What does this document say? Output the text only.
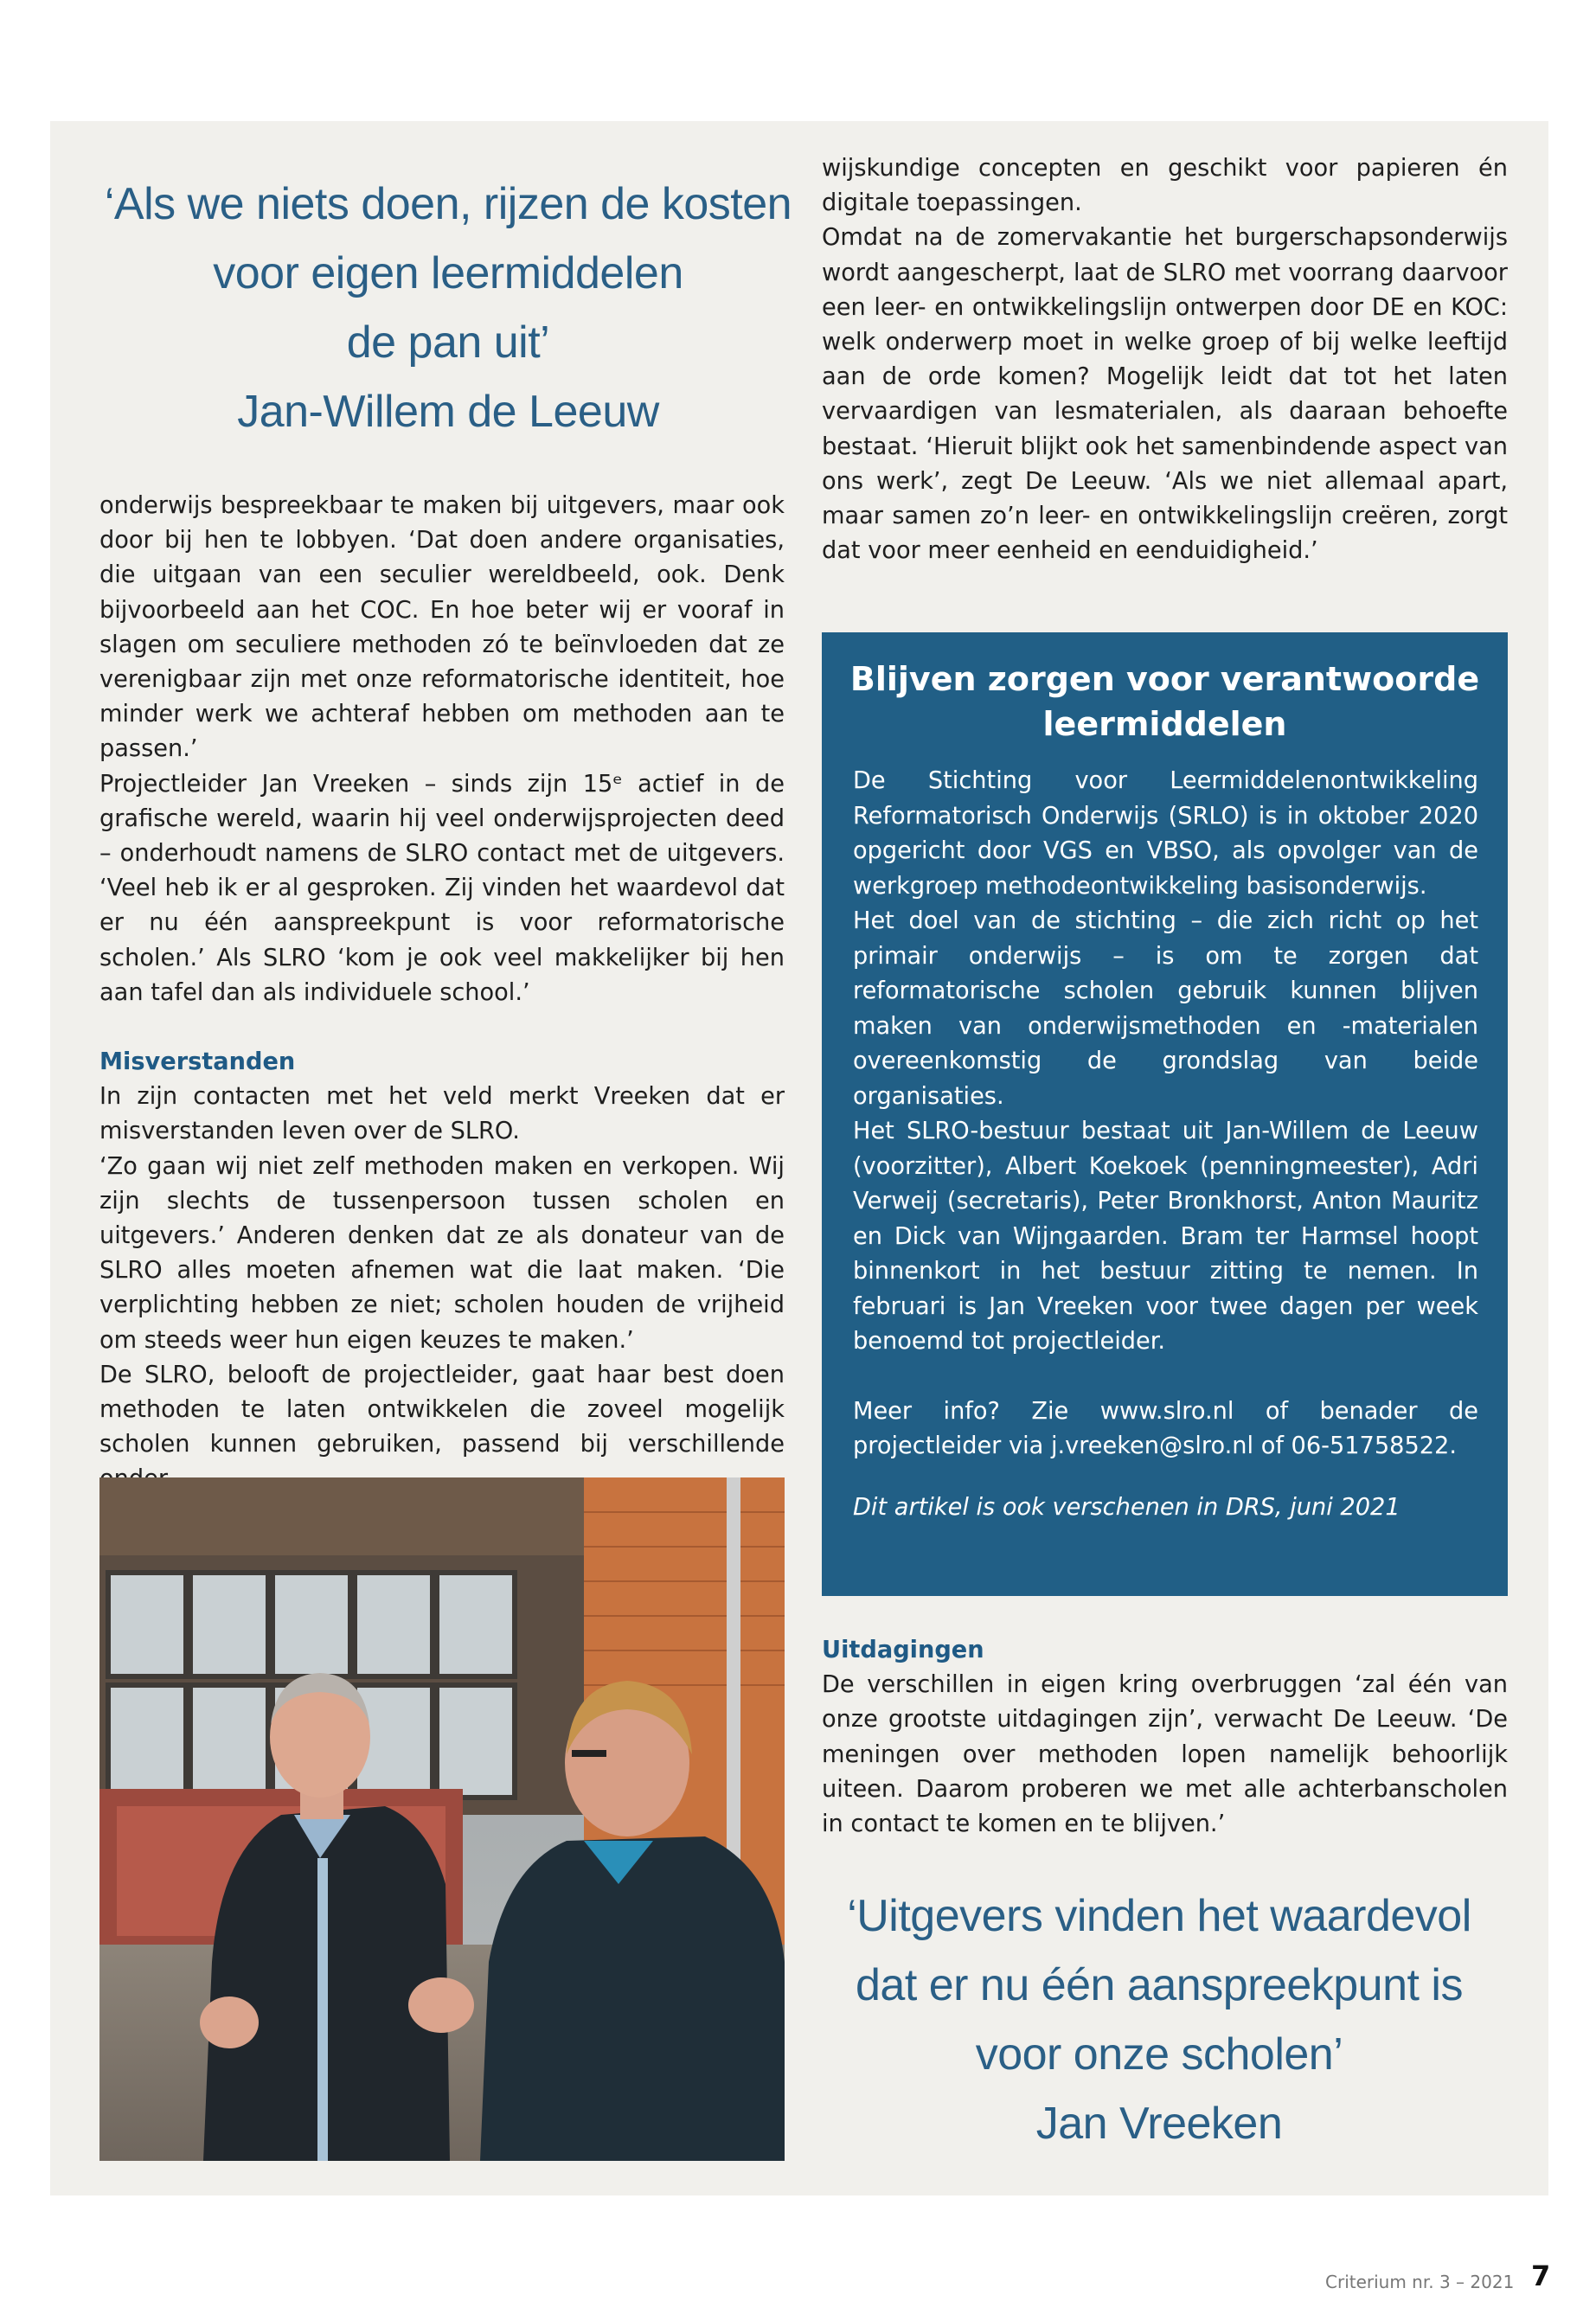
‘Als we niets doen, rijzen de kosten
voor eigen leermiddelen
de pan uit’
Jan-Willem de Leeuw

onderwijs bespreekbaar te maken bij uitgevers, maar ook door bij hen te lobbyen. ‘Dat doen andere organisaties, die uitgaan van een seculier wereldbeeld, ook. Denk bijvoorbeeld aan het COC. En hoe beter wij er vooraf in slagen om seculiere methoden zó te beïnvloeden dat ze verenigbaar zijn met onze reformatorische identiteit, hoe minder werk we achteraf hebben om methoden aan te passen.’

Projectleider Jan Vreeken – sinds zijn 15ᵉ actief in de grafische wereld, waarin hij veel onderwijsprojecten deed – onderhoudt namens de SLRO contact met de uitgevers. ‘Veel heb ik er al gesproken. Zij vinden het waardevol dat er nu één aanspreekpunt is voor reformatorische scholen.’ Als SLRO ‘kom je ook veel makkelijker bij hen aan tafel dan als individuele school.’

Misverstanden

In zijn contacten met het veld merkt Vreeken dat er misverstanden leven over de SLRO.

‘Zo gaan wij niet zelf methoden maken en verkopen. Wij zijn slechts de tussenpersoon tussen scholen en uitgevers.’ Anderen denken dat ze als donateur van de SLRO alles moeten afnemen wat die laat maken. ‘Die verplichting hebben ze niet; scholen houden de vrijheid om steeds weer hun eigen keuzes te maken.’

De SLRO, belooft de projectleider, gaat haar best doen methoden te laten ontwikkelen die zoveel mogelijk scholen kunnen gebruiken, passend bij verschillende

wijskundige concepten en geschikt voor papieren én digitale toepassingen.

Omdat na de zomervakantie het burgerschapsonderwijs wordt aangescherpt, laat de SLRO met voorrang daarvoor een leer- en ontwikkelingslijn ontwerpen door DE en KOC: welk onderwerp moet in welke groep of bij welke leeftijd aan de orde komen? Mogelijk leidt dat tot het laten vervaardigen van lesmaterialen, als daaraan behoefte bestaat. ‘Hieruit blijkt ook het samenbindende aspect van ons werk’, zegt De Leeuw. ‘Als we niet allemaal apart, maar samen zo’n leer- en ontwikkelingslijn creëren, zorgt dat voor meer eenheid en eenduidigheid.’

Blijven zorgen voor verantwoorde leermiddelen

De Stichting voor Leermiddelenontwikkeling Reformatorisch Onderwijs (SRLO) is in oktober 2020 opgericht door VGS en VBSO, als opvolger van de werkgroep methodeontwikkeling basisonderwijs.

Het doel van de stichting – die zich richt op het primair onderwijs – is om te zorgen dat reformatorische scholen gebruik kunnen blijven maken van onderwijsmethoden en -materialen overeenkomstig de grondslag van beide organisaties.

Het SLRO-bestuur bestaat uit Jan-Willem de Leeuw (voorzitter), Albert Koekoek (penningmeester), Adri Verweij (secretaris), Peter Bronkhorst, Anton Mauritz en Dick van Wijngaarden. Bram ter Harmsel hoopt binnenkort in het bestuur zitting te nemen. In februari is Jan Vreeken voor twee dagen per week benoemd tot projectleider.

Meer info? Zie www.slro.nl of benader de projectleider via j.vreeken@slro.nl of 06-51758522.

Dit artikel is ook verschenen in DRS, juni 2021

Uitdagingen

De verschillen in eigen kring overbruggen ‘zal één van onze grootste uitdagingen zijn’, verwacht De Leeuw. ‘De meningen over methoden lopen namelijk behoorlijk uiteen. Daarom proberen we met alle achterbanscholen in contact te komen en te blijven.’

‘Uitgevers vinden het waardevol
dat er nu één aanspreekpunt is
voor onze scholen’
Jan Vreeken
Criterium nr. 3 – 2021 7
